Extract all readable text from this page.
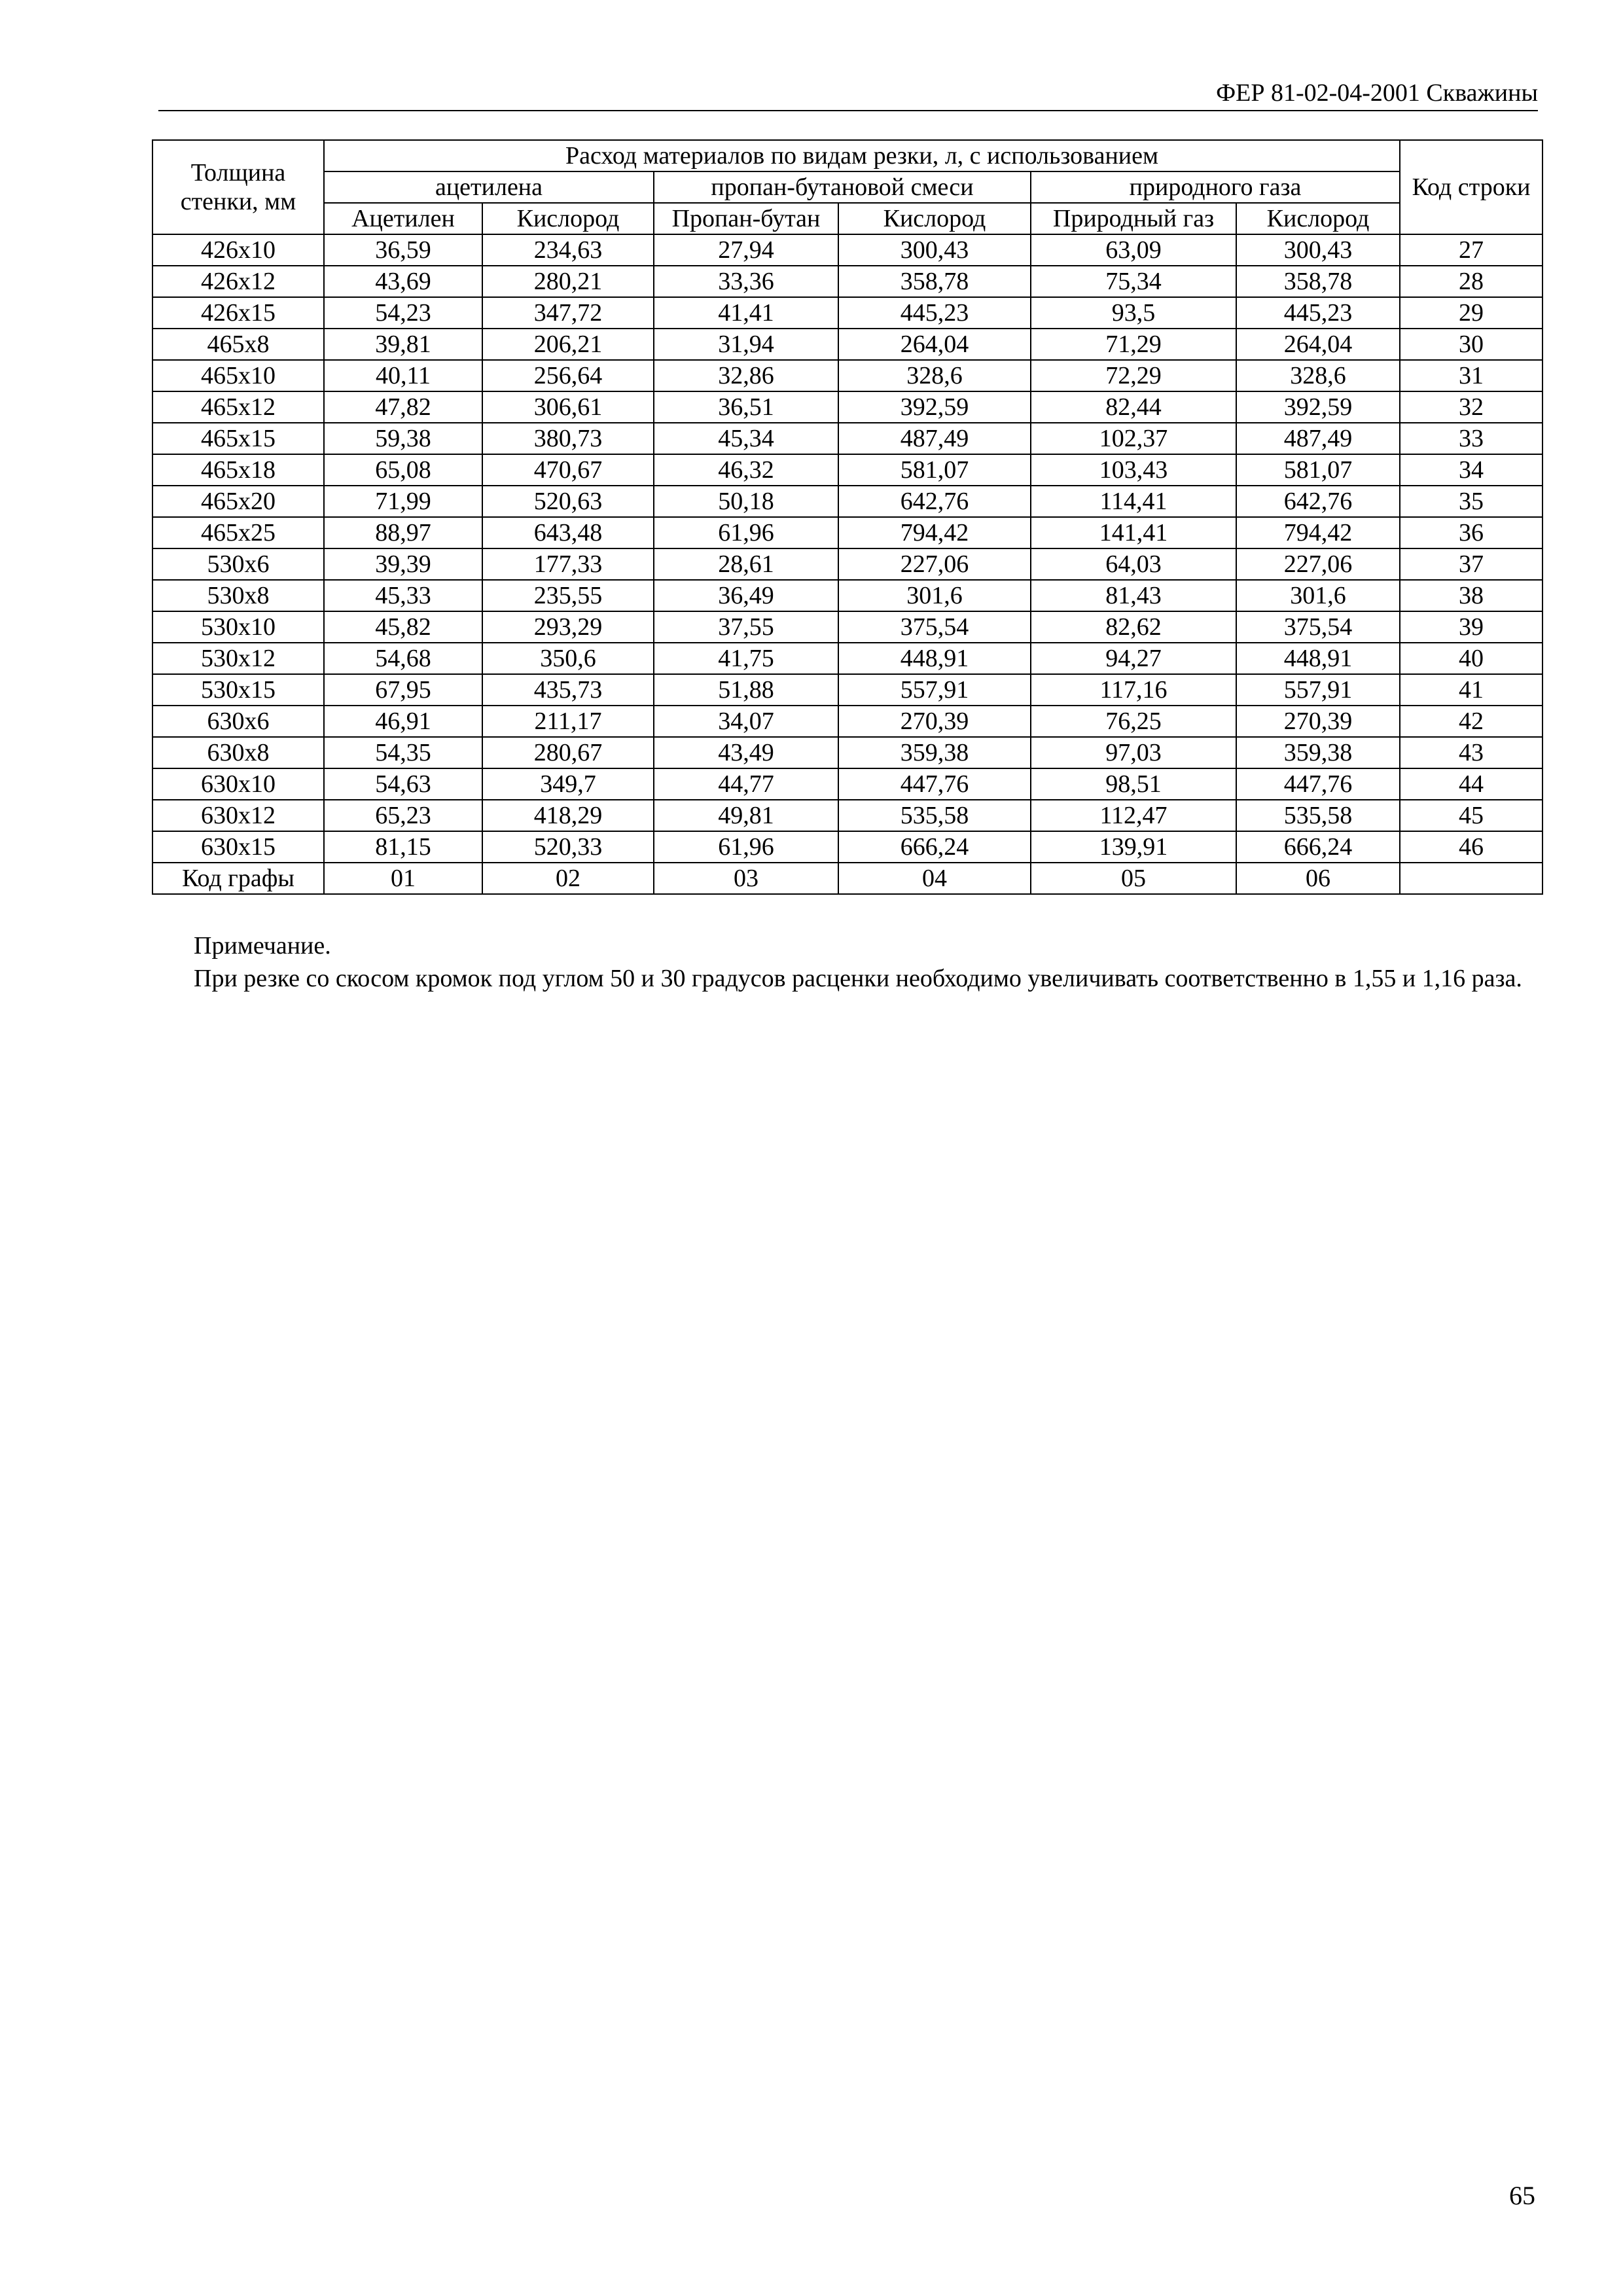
ФЕР 81-02-04-2001 Скважины
Толщина стенки, мм	Расход материалов по видам резки, л, с использованием						Код строки
	ацетилена		пропан-бутановой смеси		природного газа		
	Ацетилен	Кислород	Пропан-бутан	Кислород	Природный газ	Кислород	
426х10	36,59	234,63	27,94	300,43	63,09	300,43	27
426х12	43,69	280,21	33,36	358,78	75,34	358,78	28
426х15	54,23	347,72	41,41	445,23	93,5	445,23	29
465х8	39,81	206,21	31,94	264,04	71,29	264,04	30
465х10	40,11	256,64	32,86	328,6	72,29	328,6	31
465х12	47,82	306,61	36,51	392,59	82,44	392,59	32
465х15	59,38	380,73	45,34	487,49	102,37	487,49	33
465х18	65,08	470,67	46,32	581,07	103,43	581,07	34
465х20	71,99	520,63	50,18	642,76	114,41	642,76	35
465х25	88,97	643,48	61,96	794,42	141,41	794,42	36
530х6	39,39	177,33	28,61	227,06	64,03	227,06	37
530х8	45,33	235,55	36,49	301,6	81,43	301,6	38
530х10	45,82	293,29	37,55	375,54	82,62	375,54	39
530х12	54,68	350,6	41,75	448,91	94,27	448,91	40
530х15	67,95	435,73	51,88	557,91	117,16	557,91	41
630х6	46,91	211,17	34,07	270,39	76,25	270,39	42
630х8	54,35	280,67	43,49	359,38	97,03	359,38	43
630х10	54,63	349,7	44,77	447,76	98,51	447,76	44
630х12	65,23	418,29	49,81	535,58	112,47	535,58	45
630х15	81,15	520,33	61,96	666,24	139,91	666,24	46
Код графы	01	02	03	04	05	06	
Примечание.
При резке со скосом кромок под углом 50 и 30 градусов расценки необходимо увеличивать соответственно в 1,55 и 1,16 раза.
65
